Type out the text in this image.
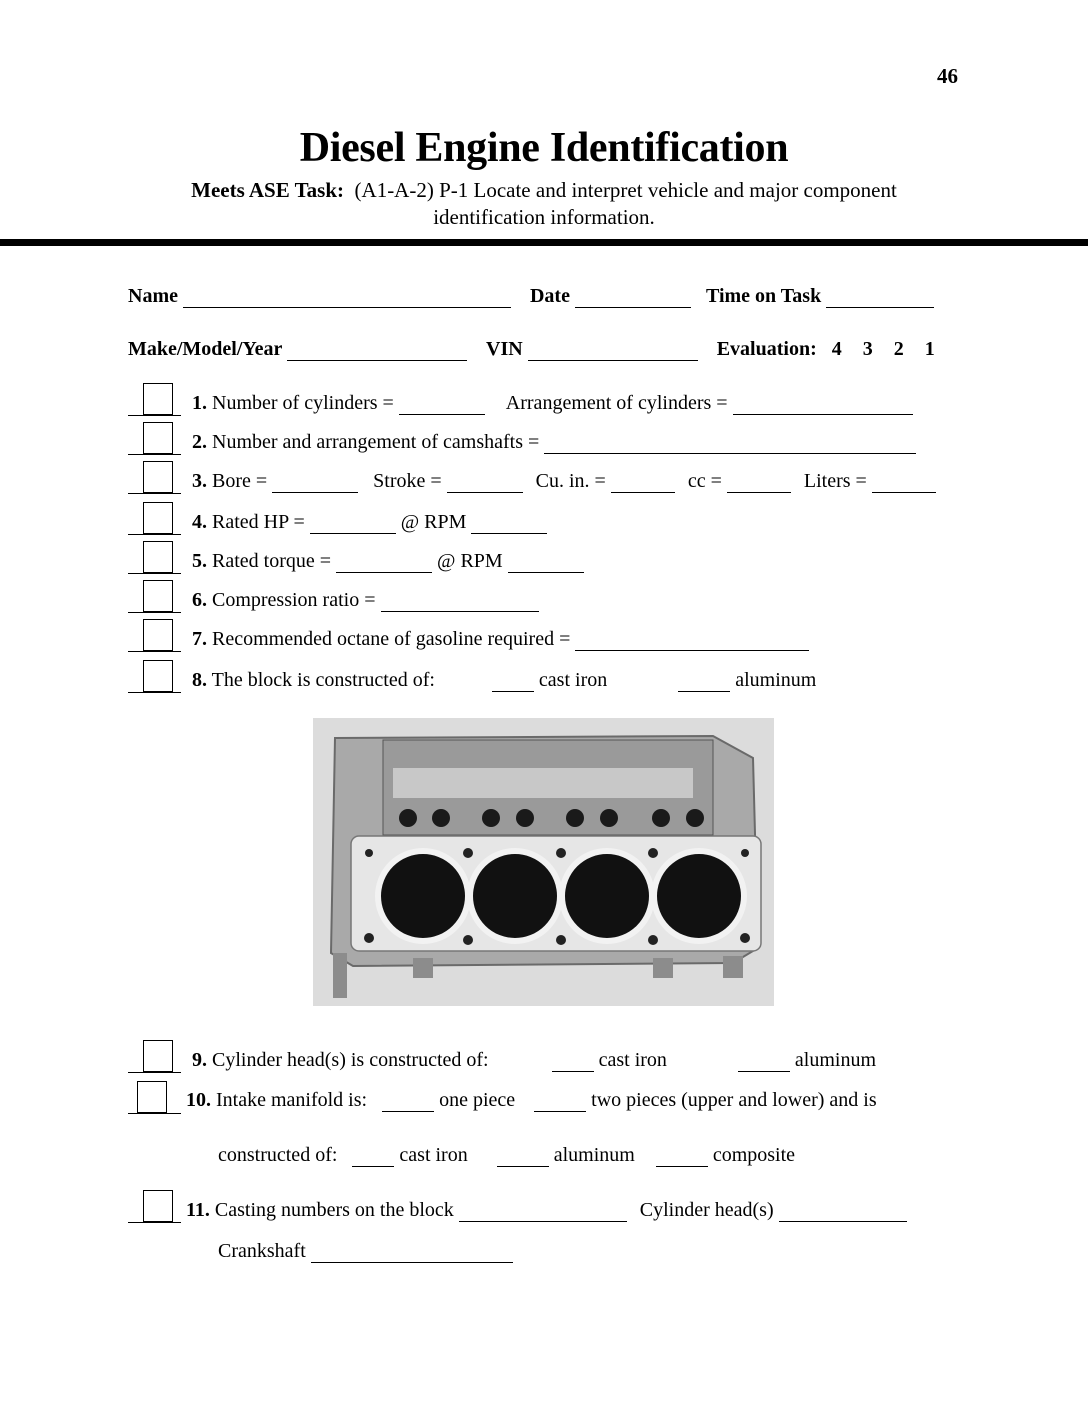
46
Diesel Engine Identification
Meets ASE Task: (A1-A-2) P-1 Locate and interpret vehicle and major component
identification information.
Name	Date	Time on Task
Make/Model/Year	VIN	Evaluation: 4 3 2 1
1. Number of cylinders =	Arrangement of cylinders =
2. Number and arrangement of camshafts =
3. Bore =	Stroke =	Cu. in. =	cc =	Liters =
4. Rated HP =	@ RPM
5. Rated torque =	@ RPM
6. Compression ratio =
7. Recommended octane of gasoline required =
8. The block is constructed of:	cast iron	aluminum
9. Cylinder head(s) is constructed of:	cast iron	aluminum
10. Intake manifold is:	one piece	two pieces (upper and lower) and is
constructed of:	cast iron	aluminum	composite
11. Casting numbers on the block	Cylinder head(s)
Crankshaft
